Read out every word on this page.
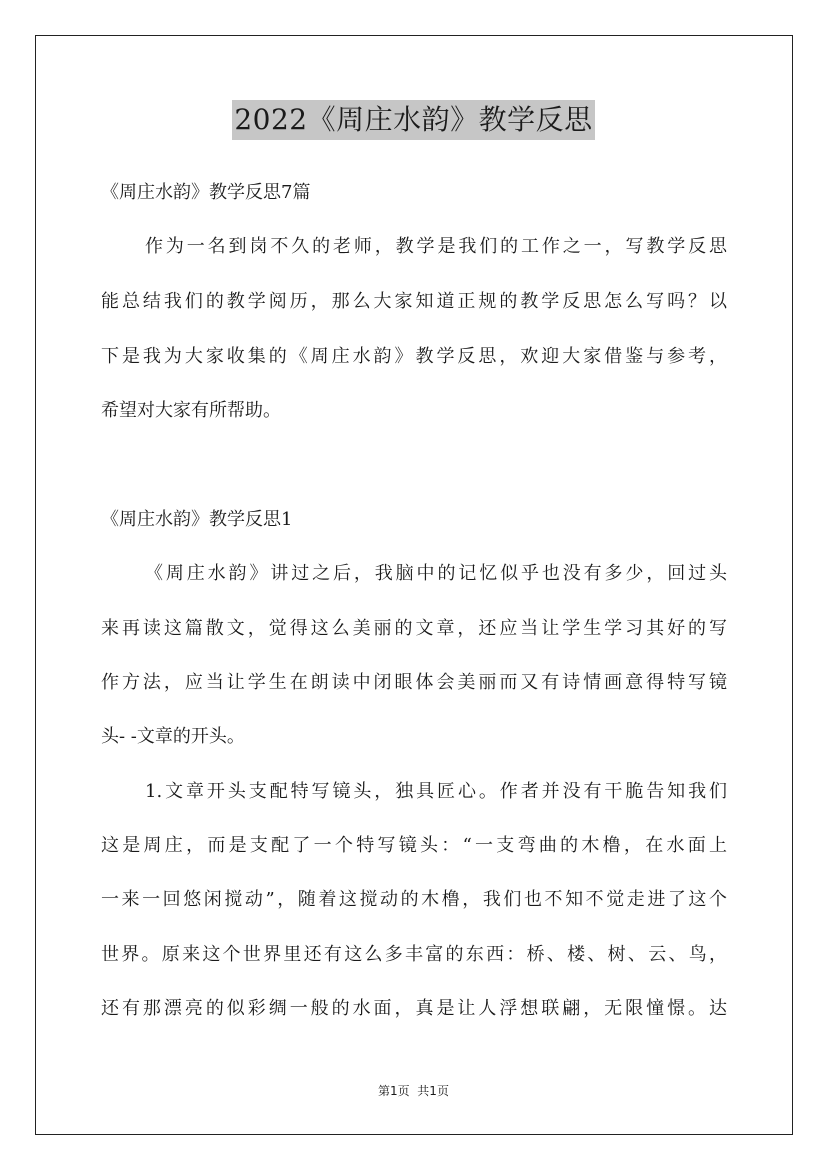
2022《周庄水韵》教学反思

《周庄水韵》教学反思7篇

作为一名到岗不久的老师，教学是我们的工作之一，写教学反思

能总结我们的教学阅历，那么大家知道正规的教学反思怎么写吗？以

下是我为大家收集的《周庄水韵》教学反思，欢迎大家借鉴与参考，

希望对大家有所帮助。

《周庄水韵》教学反思1

《周庄水韵》讲过之后，我脑中的记忆似乎也没有多少，回过头

来再读这篇散文，觉得这么美丽的文章，还应当让学生学习其好的写

作方法，应当让学生在朗读中闭眼体会美丽而又有诗情画意得特写镜

头- -文章的开头。

1.文章开头支配特写镜头，独具匠心。作者并没有干脆告知我们

这是周庄，而是支配了一个特写镜头：“一支弯曲的木橹，在水面上

一来一回悠闲搅动”，随着这搅动的木橹，我们也不知不觉走进了这个

世界。原来这个世界里还有这么多丰富的东西：桥、楼、树、云、鸟，

还有那漂亮的似彩绸一般的水面，真是让人浮想联翩，无限憧憬。达

第1页  共1页
